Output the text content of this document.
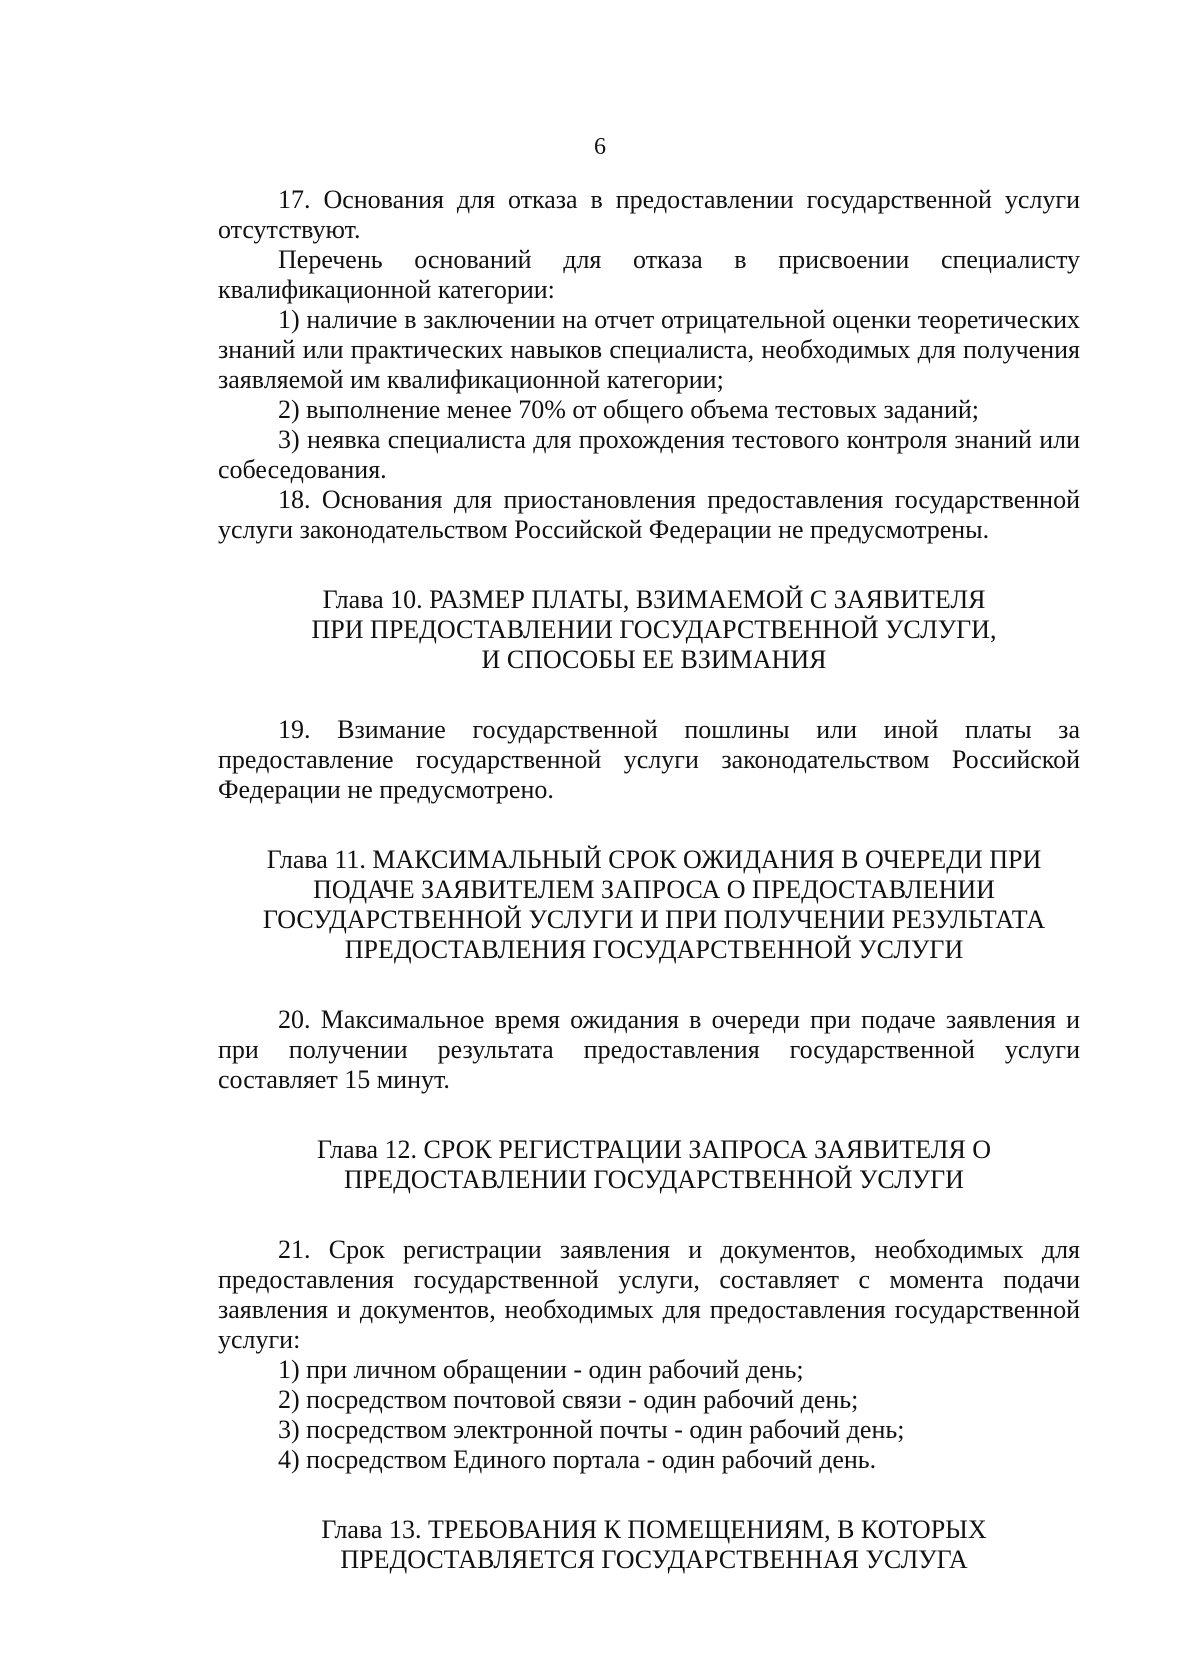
6

17. Основания для отказа в предоставлении государственной услуги отсутствуют.

Перечень оснований для отказа в присвоении специалисту квалификационной категории:

1) наличие в заключении на отчет отрицательной оценки теоретических знаний или практических навыков специалиста, необходимых для получения заявляемой им квалификационной категории;

2) выполнение менее 70% от общего объема тестовых заданий;

3) неявка специалиста для прохождения тестового контроля знаний или собеседования.

18. Основания для приостановления предоставления государственной услуги законодательством Российской Федерации не предусмотрены.

Глава 10. РАЗМЕР ПЛАТЫ, ВЗИМАЕМОЙ С ЗАЯВИТЕЛЯ
ПРИ ПРЕДОСТАВЛЕНИИ ГОСУДАРСТВЕННОЙ УСЛУГИ,
И СПОСОБЫ ЕЕ ВЗИМАНИЯ

19. Взимание государственной пошлины или иной платы за предоставление государственной услуги законодательством Российской Федерации не предусмотрено.

Глава 11. МАКСИМАЛЬНЫЙ СРОК ОЖИДАНИЯ В ОЧЕРЕДИ ПРИ
ПОДАЧЕ ЗАЯВИТЕЛЕМ ЗАПРОСА О ПРЕДОСТАВЛЕНИИ
ГОСУДАРСТВЕННОЙ УСЛУГИ И ПРИ ПОЛУЧЕНИИ РЕЗУЛЬТАТА
ПРЕДОСТАВЛЕНИЯ ГОСУДАРСТВЕННОЙ УСЛУГИ

20. Максимальное время ожидания в очереди при подаче заявления и при получении результата предоставления государственной услуги составляет 15 минут.

Глава 12. СРОК РЕГИСТРАЦИИ ЗАПРОСА ЗАЯВИТЕЛЯ О
ПРЕДОСТАВЛЕНИИ ГОСУДАРСТВЕННОЙ УСЛУГИ

21. Срок регистрации заявления и документов, необходимых для предоставления государственной услуги, составляет с момента подачи заявления и документов, необходимых для предоставления государственной услуги:

1) при личном обращении - один рабочий день;

2) посредством почтовой связи - один рабочий день;

3) посредством электронной почты - один рабочий день;

4) посредством Единого портала - один рабочий день.

Глава 13. ТРЕБОВАНИЯ К ПОМЕЩЕНИЯМ, В КОТОРЫХ
ПРЕДОСТАВЛЯЕТСЯ ГОСУДАРСТВЕННАЯ УСЛУГА
